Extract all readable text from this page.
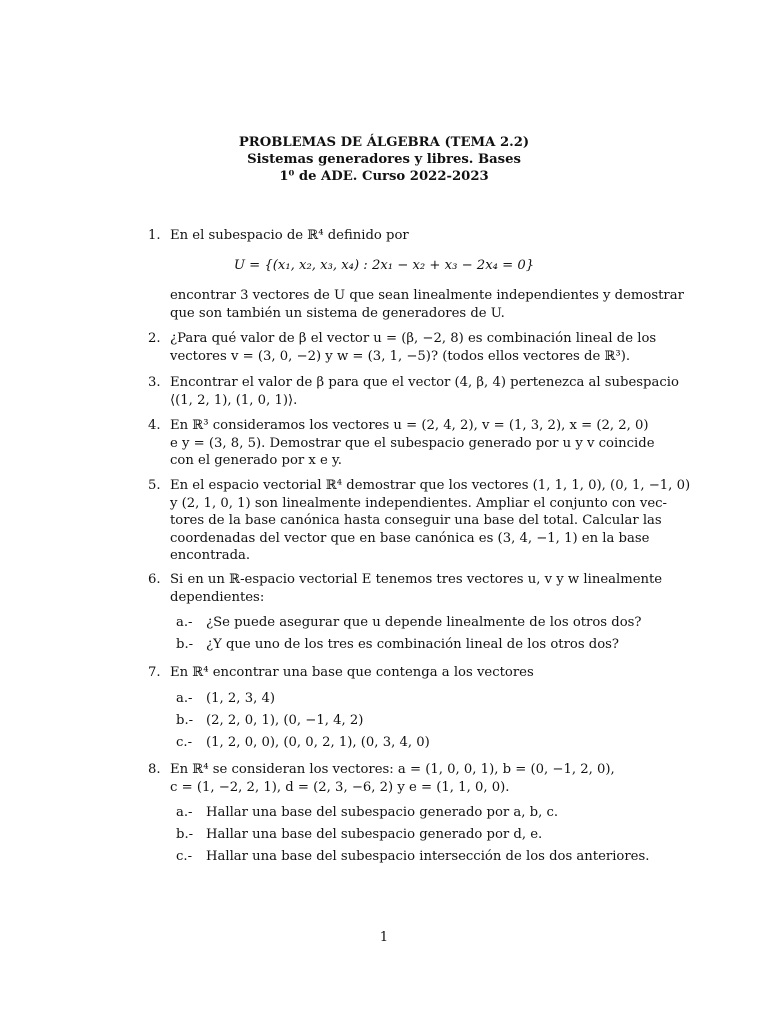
PROBLEMAS DE ÁLGEBRA (TEMA 2.2)
Sistemas generadores y libres. Bases
1⁰ de ADE. Curso 2022-2023
1. En el subespacio de ℝ⁴ definido por
U = {(x₁, x₂, x₃, x₄) : 2x₁ − x₂ + x₃ − 2x₄ = 0}
encontrar 3 vectores de U que sean linealmente independientes y demostrar
que son también un sistema de generadores de U.
2. ¿Para qué valor de β el vector u = (β, −2, 8) es combinación lineal de los
vectores v = (3, 0, −2) y w = (3, 1, −5)? (todos ellos vectores de ℝ³).
3. Encontrar el valor de β para que el vector (4, β, 4) pertenezca al subespacio
⟨(1, 2, 1), (1, 0, 1)⟩.
4. En ℝ³ consideramos los vectores u = (2, 4, 2), v = (1, 3, 2), x = (2, 2, 0)
e y = (3, 8, 5). Demostrar que el subespacio generado por u y v coincide
con el generado por x e y.
5. En el espacio vectorial ℝ⁴ demostrar que los vectores (1, 1, 1, 0), (0, 1, −1, 0)
y (2, 1, 0, 1) son linealmente independientes. Ampliar el conjunto con vec-
tores de la base canónica hasta conseguir una base del total. Calcular las
coordenadas del vector que en base canónica es (3, 4, −1, 1) en la base
encontrada.
6. Si en un ℝ-espacio vectorial E tenemos tres vectores u, v y w linealmente
dependientes:
a.- ¿Se puede asegurar que u depende linealmente de los otros dos?
b.- ¿Y que uno de los tres es combinación lineal de los otros dos?
7. En ℝ⁴ encontrar una base que contenga a los vectores
a.- (1, 2, 3, 4)
b.- (2, 2, 0, 1), (0, −1, 4, 2)
c.- (1, 2, 0, 0), (0, 0, 2, 1), (0, 3, 4, 0)
8. En ℝ⁴ se consideran los vectores: a = (1, 0, 0, 1), b = (0, −1, 2, 0),
c = (1, −2, 2, 1), d = (2, 3, −6, 2) y e = (1, 1, 0, 0).
a.- Hallar una base del subespacio generado por a, b, c.
b.- Hallar una base del subespacio generado por d, e.
c.- Hallar una base del subespacio intersección de los dos anteriores.
1
